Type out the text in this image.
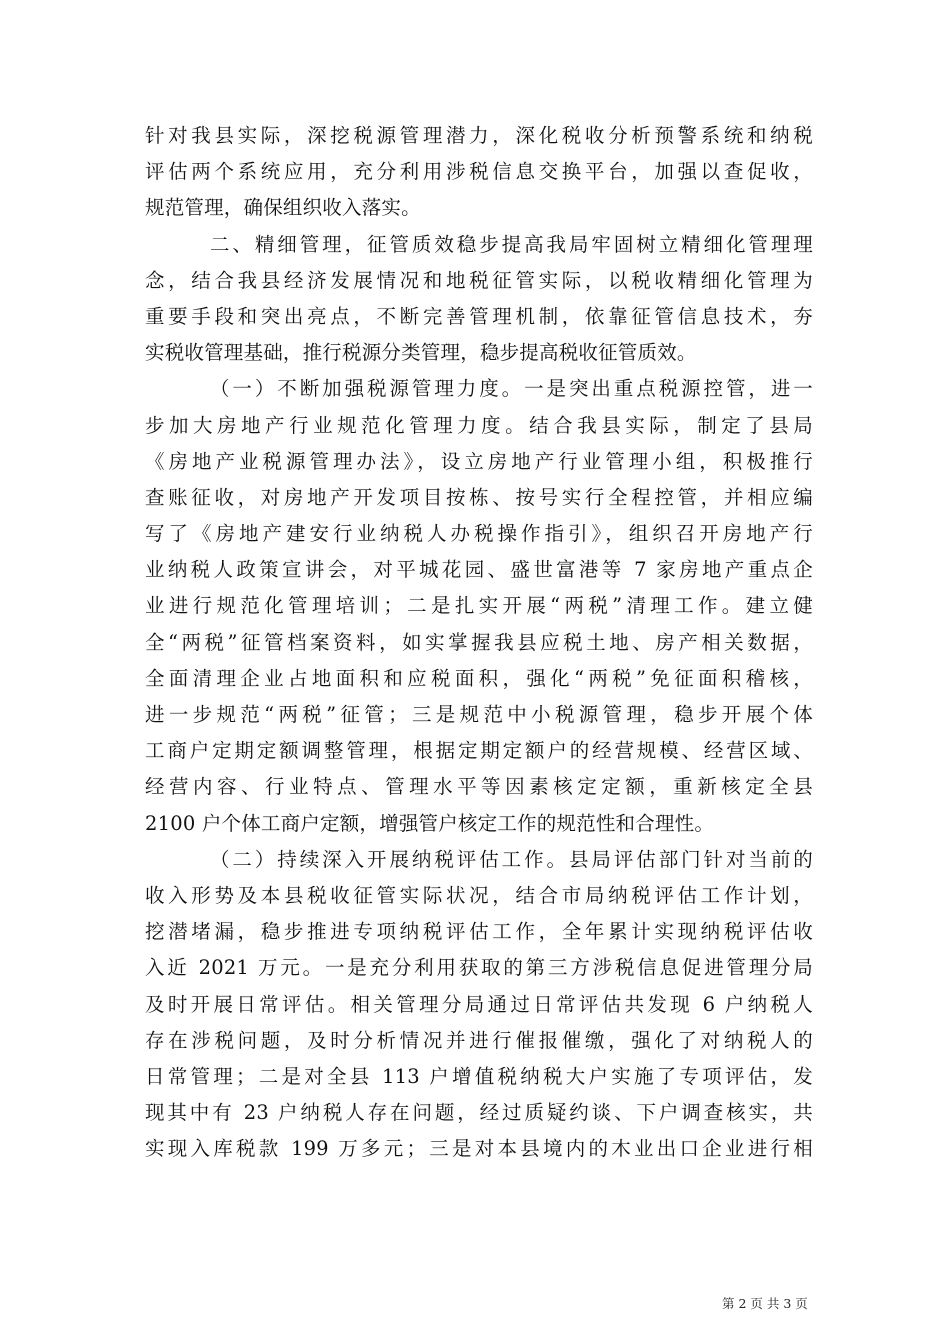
针对我县实际，深挖税源管理潜力，深化税收分析预警系统和纳税
评估两个系统应用，充分利用涉税信息交换平台，加强以查促收，
规范管理，确保组织收入落实。
二、精细管理，征管质效稳步提高我局牢固树立精细化管理理
念，结合我县经济发展情况和地税征管实际，以税收精细化管理为
重要手段和突出亮点，不断完善管理机制，依靠征管信息技术，夯
实税收管理基础，推行税源分类管理，稳步提高税收征管质效。
（一）不断加强税源管理力度。一是突出重点税源控管，进一
步加大房地产行业规范化管理力度。结合我县实际，制定了县局
《房地产业税源管理办法》，设立房地产行业管理小组，积极推行
查账征收，对房地产开发项目按栋、按号实行全程控管，并相应编
写了《房地产建安行业纳税人办税操作指引》，组织召开房地产行
业纳税人政策宣讲会，对平城花园、盛世富港等 7 家房地产重点企
业进行规范化管理培训；二是扎实开展“两税”清理工作。建立健
全“两税”征管档案资料，如实掌握我县应税土地、房产相关数据，
全面清理企业占地面积和应税面积，强化“两税”免征面积稽核，
进一步规范“两税”征管；三是规范中小税源管理，稳步开展个体
工商户定期定额调整管理，根据定期定额户的经营规模、经营区域、
经营内容、行业特点、管理水平等因素核定定额，重新核定全县
2100 户个体工商户定额，增强管户核定工作的规范性和合理性。
（二）持续深入开展纳税评估工作。县局评估部门针对当前的
收入形势及本县税收征管实际状况，结合市局纳税评估工作计划，
挖潜堵漏，稳步推进专项纳税评估工作，全年累计实现纳税评估收
入近 2021 万元。一是充分利用获取的第三方涉税信息促进管理分局
及时开展日常评估。相关管理分局通过日常评估共发现 6 户纳税人
存在涉税问题，及时分析情况并进行催报催缴，强化了对纳税人的
日常管理；二是对全县 113 户增值税纳税大户实施了专项评估，发
现其中有 23 户纳税人存在问题，经过质疑约谈、下户调查核实，共
实现入库税款 199 万多元；三是对本县境内的木业出口企业进行相
第 2 页 共 3 页
